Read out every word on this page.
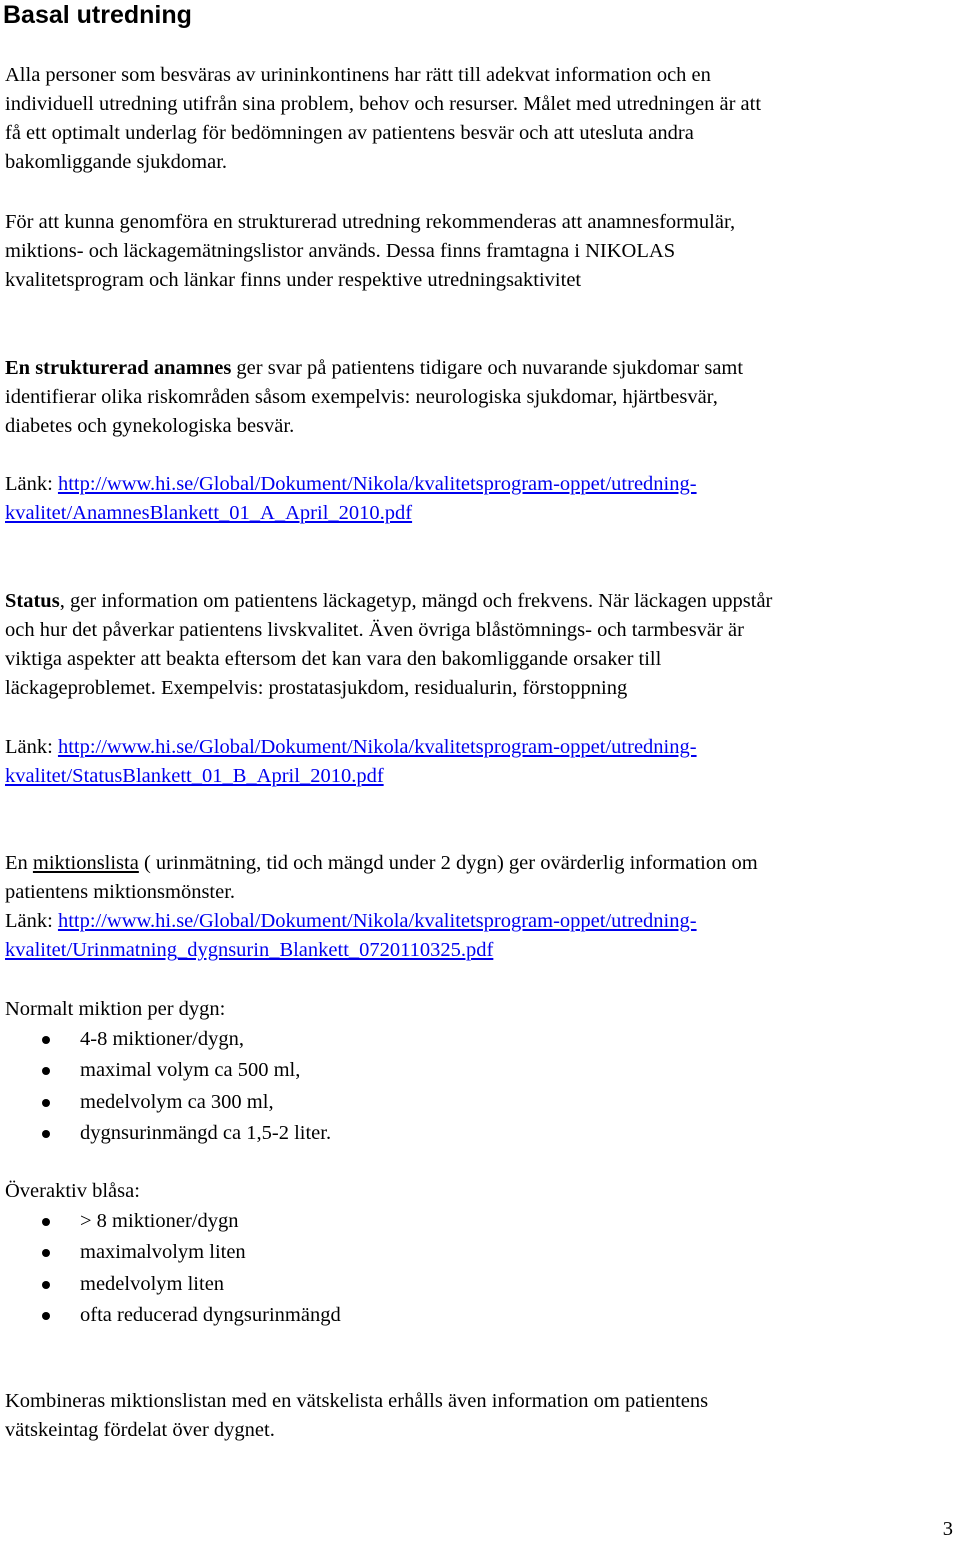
Basal utredning

Alla personer som besväras av urininkontinens har rätt till adekvat information och en
individuell utredning utifrån sina problem, behov och resurser. Målet med utredningen är att
få ett optimalt underlag för bedömningen av patientens besvär och att utesluta andra
bakomliggande sjukdomar.

För att kunna genomföra en strukturerad utredning rekommenderas att anamnesformulär,
miktions- och läckagemätningslistor används. Dessa finns framtagna i NIKOLAS
kvalitetsprogram och länkar finns under respektive utredningsaktivitet

En strukturerad anamnes ger svar på patientens tidigare och nuvarande sjukdomar samt
identifierar olika riskområden såsom exempelvis: neurologiska sjukdomar, hjärtbesvär,
diabetes och gynekologiska besvär.

Länk: http://www.hi.se/Global/Dokument/Nikola/kvalitetsprogram-oppet/utredning-
kvalitet/AnamnesBlankett_01_A_April_2010.pdf

Status, ger information om patientens läckagetyp, mängd och frekvens. När läckagen uppstår
och hur det påverkar patientens livskvalitet. Även övriga blåstömnings- och tarmbesvär är
viktiga aspekter att beakta eftersom det kan vara den bakomliggande orsaker till
läckageproblemet. Exempelvis: prostatasjukdom, residualurin, förstoppning

Länk: http://www.hi.se/Global/Dokument/Nikola/kvalitetsprogram-oppet/utredning-
kvalitet/StatusBlankett_01_B_April_2010.pdf

En miktionslista ( urinmätning, tid och mängd under 2 dygn) ger ovärderlig information om
patientens miktionsmönster.
Länk: http://www.hi.se/Global/Dokument/Nikola/kvalitetsprogram-oppet/utredning-
kvalitet/Urinmatning_dygnsurin_Blankett_0720110325.pdf

Normalt miktion per dygn:

4-8 miktioner/dygn,
maximal volym ca 500 ml,
medelvolym ca 300 ml,
dygnsurinmängd ca 1,5-2 liter.

Överaktiv blåsa:

> 8 miktioner/dygn
maximalvolym liten
medelvolym liten
ofta reducerad dyngsurinmängd

Kombineras miktionslistan med en vätskelista erhålls även information om patientens
vätskeintag fördelat över dygnet.

3
